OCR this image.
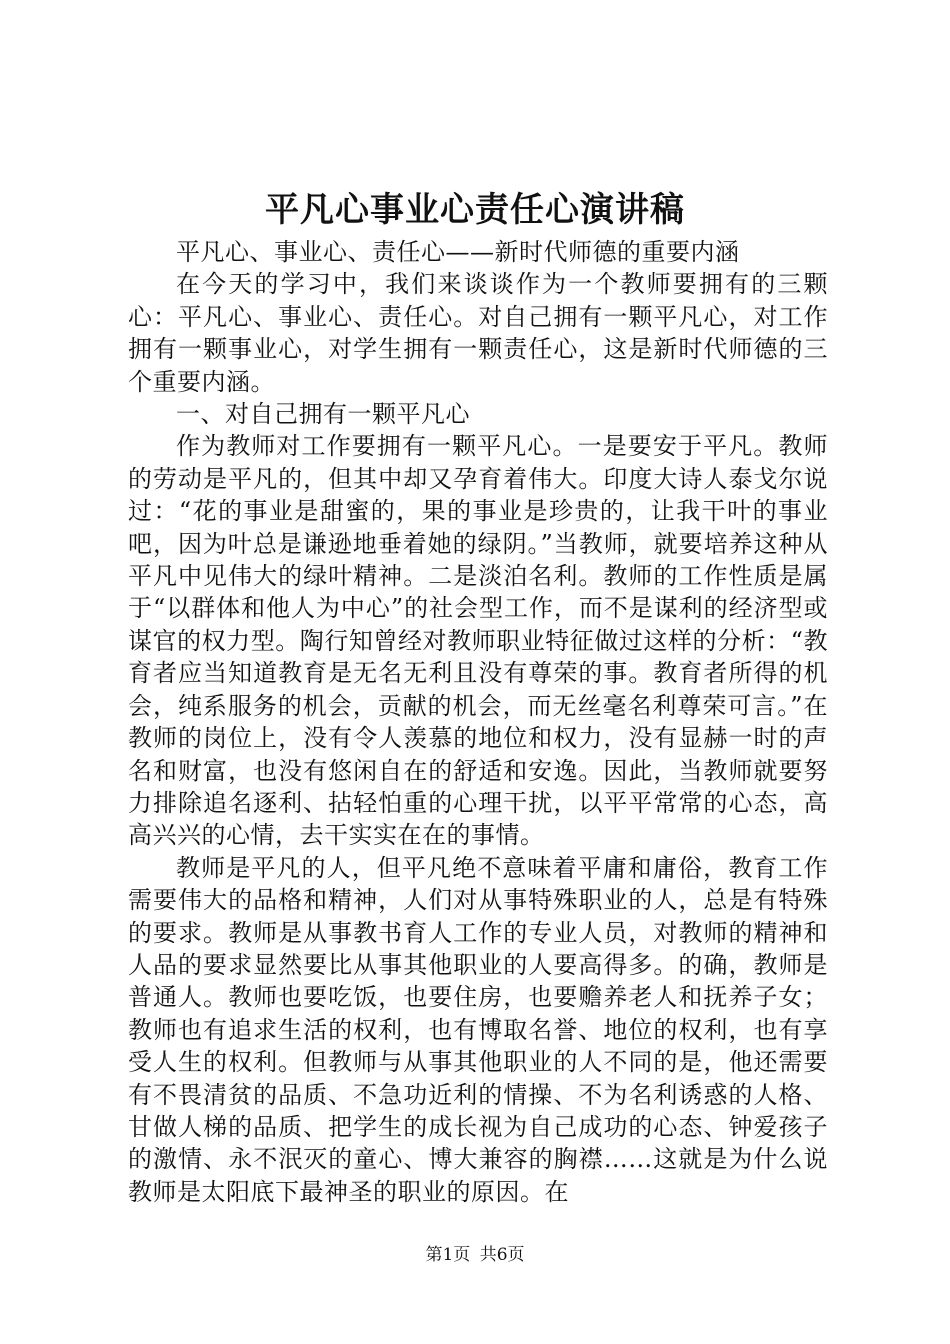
平凡心事业心责任心演讲稿

平凡心、事业心、责任心——新时代师德的重要内涵

在今天的学习中，我们来谈谈作为一个教师要拥有的三颗心：平凡心、事业心、责任心。对自己拥有一颗平凡心，对工作拥有一颗事业心，对学生拥有一颗责任心，这是新时代师德的三个重要内涵。

一、对自己拥有一颗平凡心

作为教师对工作要拥有一颗平凡心。一是要安于平凡。教师的劳动是平凡的，但其中却又孕育着伟大。印度大诗人泰戈尔说过：“花的事业是甜蜜的，果的事业是珍贵的，让我干叶的事业吧，因为叶总是谦逊地垂着她的绿阴。”当教师，就要培养这种从平凡中见伟大的绿叶精神。二是淡泊名利。教师的工作性质是属于“以群体和他人为中心”的社会型工作，而不是谋利的经济型或谋官的权力型。陶行知曾经对教师职业特征做过这样的分析：“教育者应当知道教育是无名无利且没有尊荣的事。教育者所得的机会，纯系服务的机会，贡献的机会，而无丝毫名利尊荣可言。”在教师的岗位上，没有令人羡慕的地位和权力，没有显赫一时的声名和财富，也没有悠闲自在的舒适和安逸。因此，当教师就要努力排除追名逐利、拈轻怕重的心理干扰，以平平常常的心态，高高兴兴的心情，去干实实在在的事情。

教师是平凡的人，但平凡绝不意味着平庸和庸俗，教育工作需要伟大的品格和精神，人们对从事特殊职业的人，总是有特殊的要求。教师是从事教书育人工作的专业人员，对教师的精神和人品的要求显然要比从事其他职业的人要高得多。的确，教师是普通人。教师也要吃饭，也要住房，也要赡养老人和抚养子女；教师也有追求生活的权利，也有博取名誉、地位的权利，也有享受人生的权利。但教师与从事其他职业的人不同的是，他还需要有不畏清贫的品质、不急功近利的情操、不为名利诱惑的人格、甘做人梯的品质、把学生的成长视为自己成功的心态、钟爱孩子的激情、永不泯灭的童心、博大兼容的胸襟……这就是为什么说教师是太阳底下最神圣的职业的原因。在

第1页 共6页
